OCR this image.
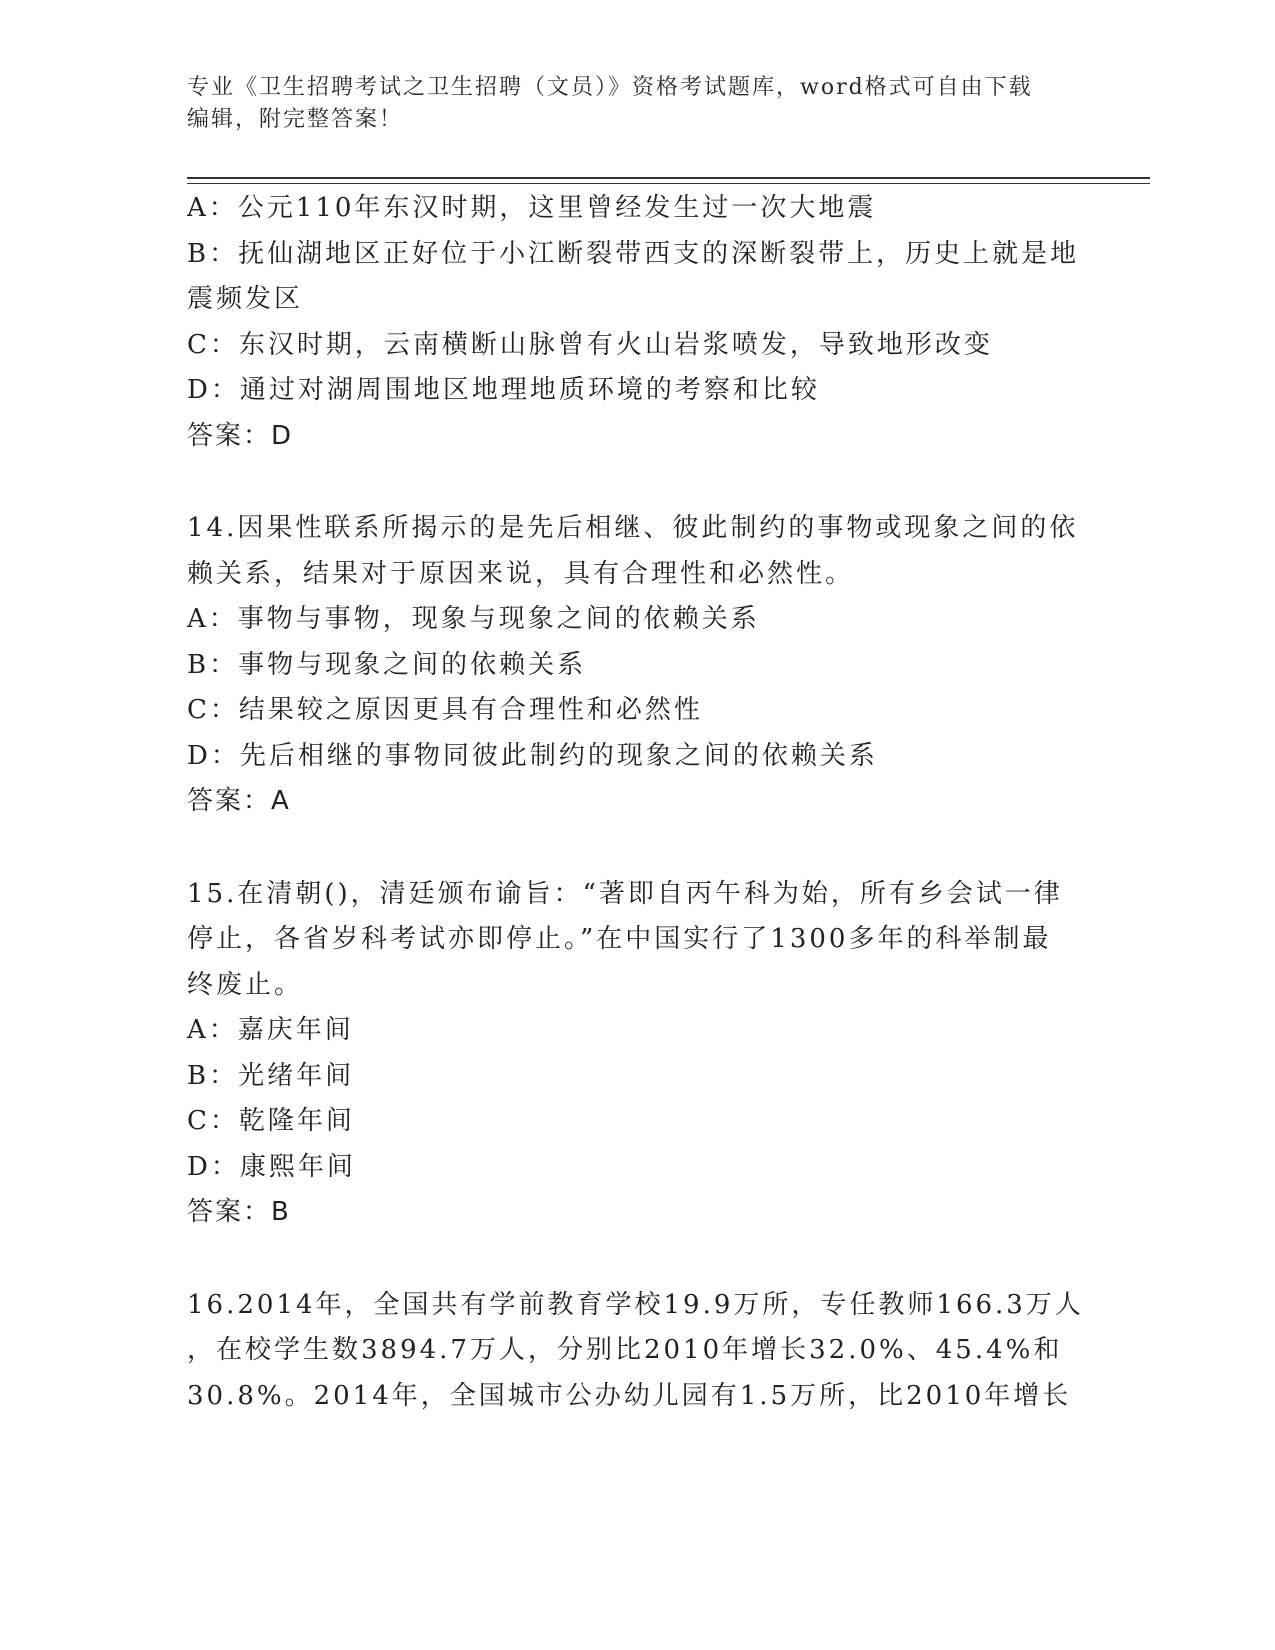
专业《卫生招聘考试之卫生招聘（文员）》资格考试题库，word格式可自由下载
编辑，附完整答案！

A：公元110年东汉时期，这里曾经发生过一次大地震

B：抚仙湖地区正好位于小江断裂带西支的深断裂带上，历史上就是地

震频发区

C：东汉时期，云南横断山脉曾有火山岩浆喷发，导致地形改变

D：通过对湖周围地区地理地质环境的考察和比较

答案：D

14.因果性联系所揭示的是先后相继、彼此制约的事物或现象之间的依

赖关系，结果对于原因来说，具有合理性和必然性。

A：事物与事物，现象与现象之间的依赖关系

B：事物与现象之间的依赖关系

C：结果较之原因更具有合理性和必然性

D：先后相继的事物同彼此制约的现象之间的依赖关系

答案：A

15.在清朝()，清廷颁布谕旨：“著即自丙午科为始，所有乡会试一律

停止，各省岁科考试亦即停止。”在中国实行了1300多年的科举制最

终废止。

A：嘉庆年间

B：光绪年间

C：乾隆年间

D：康熙年间

答案：B

16.2014年，全国共有学前教育学校19.9万所，专任教师166.3万人

，在校学生数3894.7万人，分别比2010年增长32.0%、45.4%和

30.8%。2014年，全国城市公办幼儿园有1.5万所，比2010年增长
